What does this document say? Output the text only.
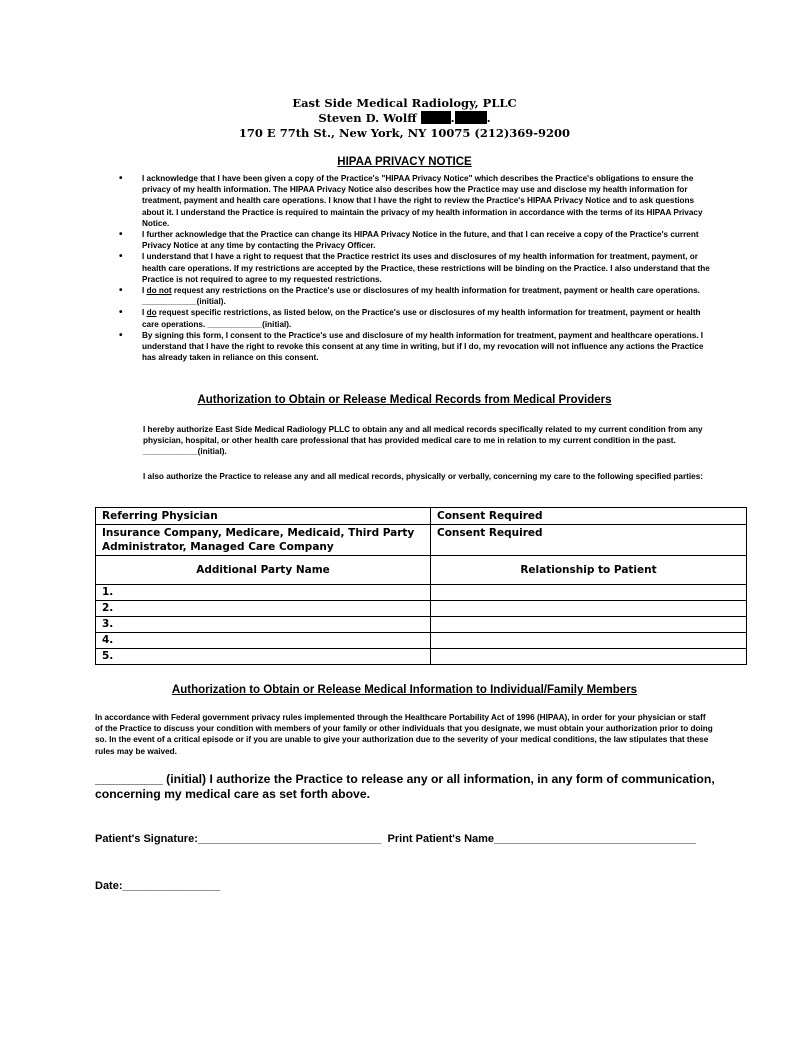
East Side Medical Radiology, PLLC
Steven D. Wolff	.	.
170 E 77th St., New York, NY 10075 (212)369-9200
HIPAA PRIVACY NOTICE
• I acknowledge that I have been given a copy of the Practice's "HIPAA Privacy Notice" which describes the Practice's obligations to ensure the privacy of my health information. The HIPAA Privacy Notice also describes how the Practice may use and disclose my health information for treatment, payment and health care operations. I know that I have the right to review the Practice's HIPAA Privacy Notice and to ask questions about it. I understand the Practice is required to maintain the privacy of my health information in accordance with the terms of its HIPAA Privacy Notice.
• I further acknowledge that the Practice can change its HIPAA Privacy Notice in the future, and that I can receive a copy of the Practice's current Privacy Notice at any time by contacting the Privacy Officer.
• I understand that I have a right to request that the Practice restrict its uses and disclosures of my health information for treatment, payment, or health care operations. If my restrictions are accepted by the Practice, these restrictions will be binding on the Practice. I also understand that the Practice is not required to agree to my requested restrictions.
• I do not request any restrictions on the Practice's use or disclosures of my health information for treatment, payment or health care operations. ____________(initial).
• I do request specific restrictions, as listed below, on the Practice's use or disclosures of my health information for treatment, payment or health care operations. ____________(initial).
• By signing this form, I consent to the Practice's use and disclosure of my health information for treatment, payment and healthcare operations. I understand that I have the right to revoke this consent at any time in writing, but if I do, my revocation will not influence any actions the Practice has already taken in reliance on this consent.
Authorization to Obtain or Release Medical Records from Medical Providers

I hereby authorize East Side Medical Radiology PLLC to obtain any and all medical records specifically related to my current condition from any physician, hospital, or other health care professional that has provided medical care to me in relation to my current condition in the past. ____________(initial).

I also authorize the Practice to release any and all medical records, physically or verbally, concerning my care to the following specified parties:

Referring Physician	Consent Required
Insurance Company, Medicare, Medicaid, Third Party Administrator, Managed Care Company	Consent Required
Additional Party Name	Relationship to Patient
1.	
2.	
3.	
4.	
5.	
Authorization to Obtain or Release Medical Information to Individual/Family Members

In accordance with Federal government privacy rules implemented through the Healthcare Portability Act of 1996 (HIPAA), in order for your physician or staff of the Practice to discuss your condition with members of your family or other individuals that you designate, we must obtain your authorization prior to doing so. In the event of a critical episode or if you are unable to give your authorization due to the severity of your medical conditions, the law stipulates that these rules may be waived.

__________ (initial) I authorize the Practice to release any or all information, in any form of communication, concerning my medical care as set forth above.
Patient's Signature:______________________________ Print Patient's Name_________________________________
Date:________________
